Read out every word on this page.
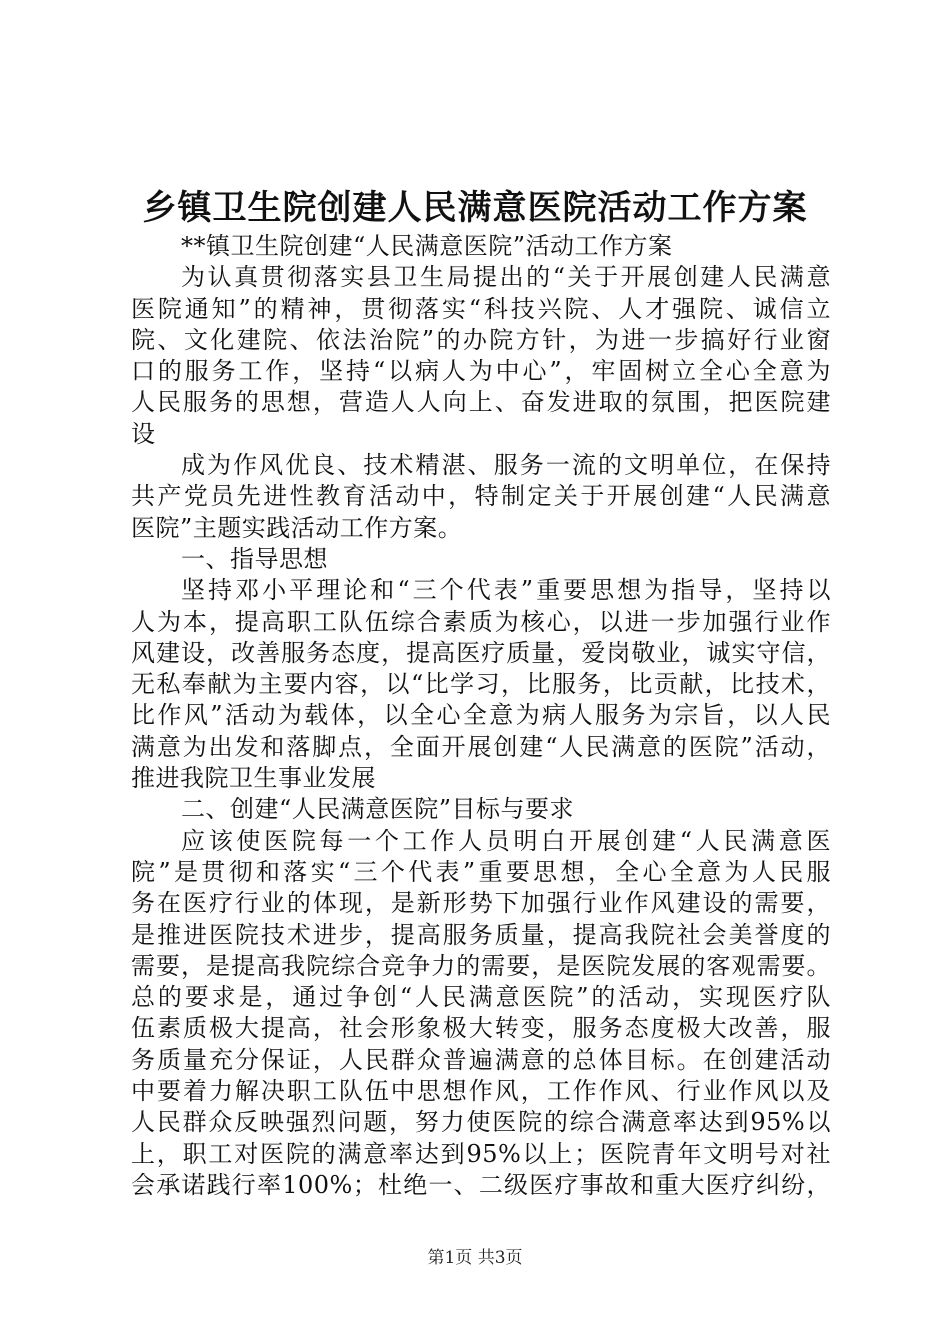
乡镇卫生院创建人民满意医院活动工作方案
**镇卫生院创建“人民满意医院”活动工作方案
为认真贯彻落实县卫生局提出的“关于开展创建人民满意
医院通知”的精神，贯彻落实“科技兴院、人才强院、诚信立
院、文化建院、依法治院”的办院方针，为进一步搞好行业窗
口的服务工作，坚持“以病人为中心”，牢固树立全心全意为
人民服务的思想，营造人人向上、奋发进取的氛围，把医院建
设
成为作风优良、技术精湛、服务一流的文明单位，在保持
共产党员先进性教育活动中，特制定关于开展创建“人民满意
医院”主题实践活动工作方案。
一、指导思想
坚持邓小平理论和“三个代表”重要思想为指导，坚持以
人为本，提高职工队伍综合素质为核心，以进一步加强行业作
风建设，改善服务态度，提高医疗质量，爱岗敬业，诚实守信，
无私奉献为主要内容，以“比学习，比服务，比贡献，比技术，
比作风”活动为载体，以全心全意为病人服务为宗旨，以人民
满意为出发和落脚点，全面开展创建“人民满意的医院”活动，
推进我院卫生事业发展
二、创建“人民满意医院”目标与要求
应该使医院每一个工作人员明白开展创建“人民满意医
院”是贯彻和落实“三个代表”重要思想，全心全意为人民服
务在医疗行业的体现，是新形势下加强行业作风建设的需要，
是推进医院技术进步，提高服务质量，提高我院社会美誉度的
需要，是提高我院综合竞争力的需要，是医院发展的客观需要。
总的要求是，通过争创“人民满意医院”的活动，实现医疗队
伍素质极大提高，社会形象极大转变，服务态度极大改善，服
务质量充分保证，人民群众普遍满意的总体目标。在创建活动
中要着力解决职工队伍中思想作风，工作作风、行业作风以及
人民群众反映强烈问题，努力使医院的综合满意率达到95%以
上，职工对医院的满意率达到95%以上；医院青年文明号对社
会承诺践行率100%；杜绝一、二级医疗事故和重大医疗纠纷，
第1页 共3页
